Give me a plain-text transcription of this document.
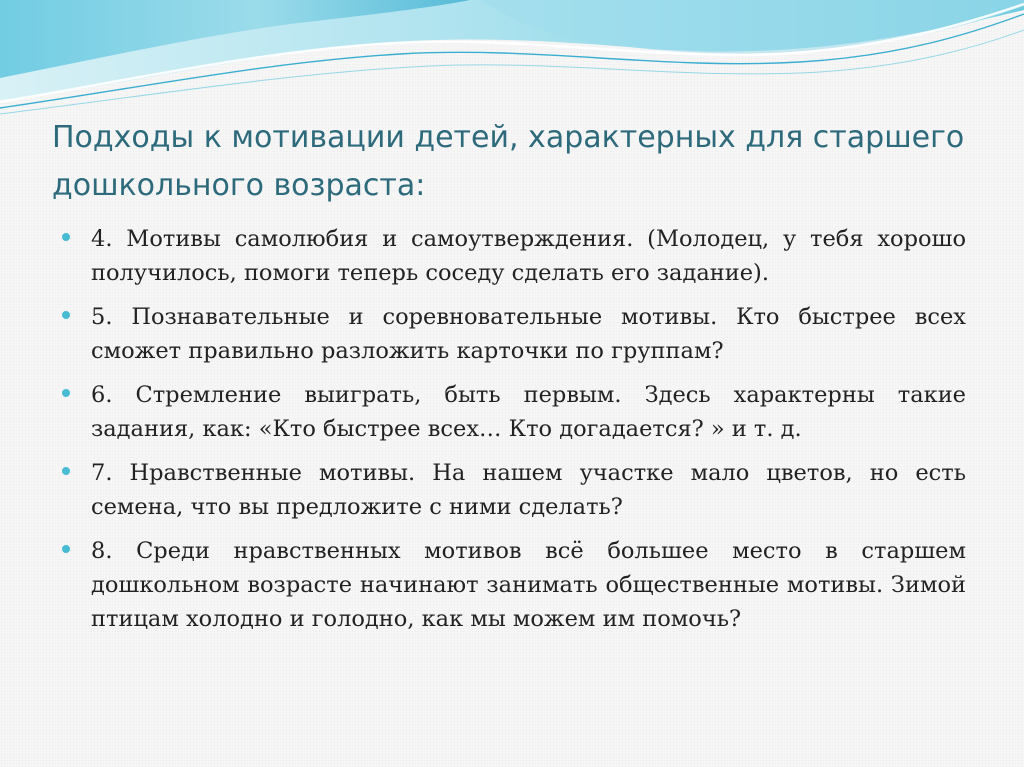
Подходы к мотивации детей, характерных для старшего дошкольного возраста:
4. Мотивы самолюбия и самоутверждения. (Молодец, у тебя хорошо получилось, помоги теперь соседу сделать его задание).
5. Познавательные и соревновательные мотивы. Кто быстрее всех сможет правильно разложить карточки по группам?
6. Стремление выиграть, быть первым. Здесь характерны такие задания, как: «Кто быстрее всех… Кто догадается? » и т. д.
7. Нравственные мотивы. На нашем участке мало цветов, но есть семена, что вы предложите с ними сделать?
8. Среди нравственных мотивов всё большее место в старшем дошкольном возрасте начинают занимать общественные мотивы. Зимой птицам холодно и голодно, как мы можем им помочь?
